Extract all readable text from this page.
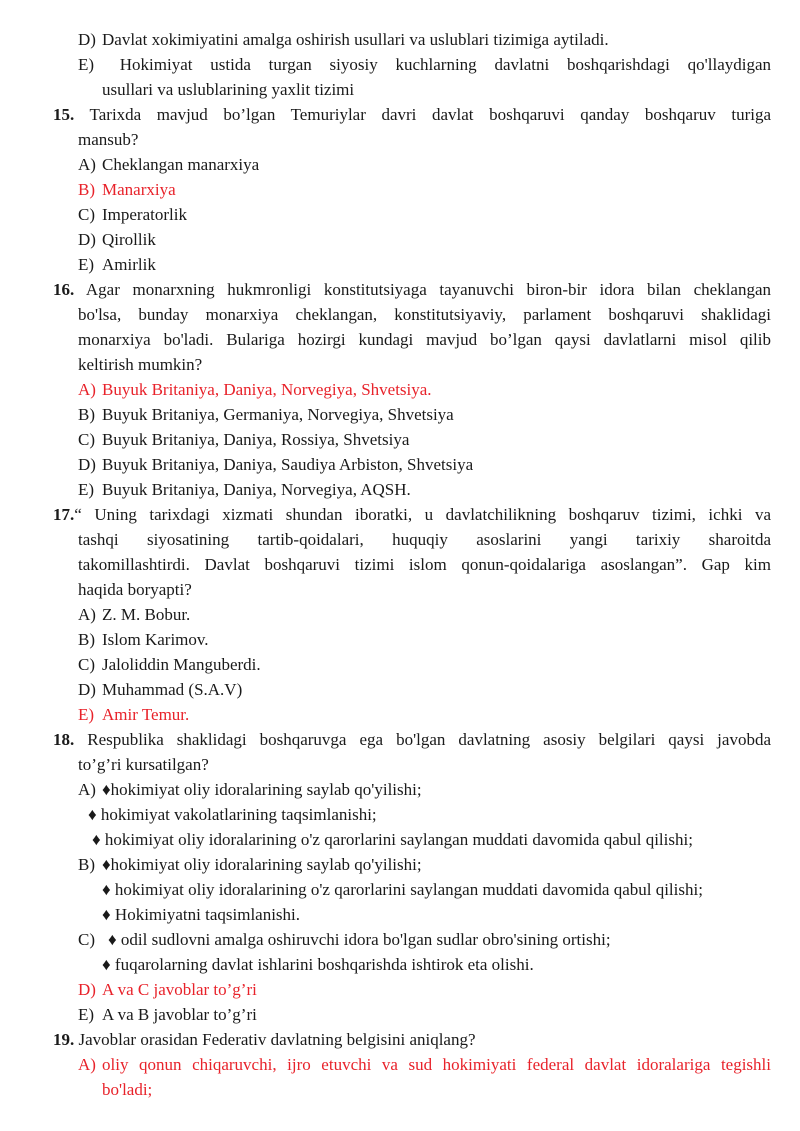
D) Davlat xokimiyatini amalga oshirish usullari va uslublari tizimiga aytiladi.
E) Hokimiyat ustida turgan siyosiy kuchlarning davlatni boshqarishdagi qo'llaydigan
usullari va uslublarining yaxlit tizimi
15. Tarixda mavjud bo’lgan Temuriylar davri davlat boshqaruvi qanday boshqaruv turiga
mansub?
A) Cheklangan manarxiya
B) Manarxiya
C) Imperatorlik
D) Qirollik
E) Amirlik
16. Agar monarxning hukmronligi konstitutsiyaga tayanuvchi biron-bir idora bilan cheklangan
bo'lsa, bunday monarxiya cheklangan, konstitutsiyaviy, parlament boshqaruvi shaklidagi
monarxiya bo'ladi. Bulariga hozirgi kundagi mavjud bo’lgan qaysi davlatlarni misol qilib
keltirish mumkin?
A) Buyuk Britaniya, Daniya, Norvegiya, Shvetsiya.
B) Buyuk Britaniya, Germaniya, Norvegiya, Shvetsiya
C) Buyuk Britaniya, Daniya, Rossiya, Shvetsiya
D) Buyuk Britaniya, Daniya, Saudiya Arbiston, Shvetsiya
E) Buyuk Britaniya, Daniya, Norvegiya, AQSH.
17.“ Uning tarixdagi xizmati shundan iboratki, u davlatchilikning boshqaruv tizimi, ichki va
tashqi siyosatining tartib-qoidalari, huquqiy asoslarini yangi tarixiy sharoitda
takomillashtirdi. Davlat boshqaruvi tizimi islom qonun-qoidalariga asoslangan”. Gap kim
haqida boryapti?
A) Z. M. Bobur.
B) Islom Karimov.
C) Jaloliddin Manguberdi.
D) Muhammad (S.A.V)
E) Amir Temur.
18. Respublika shaklidagi boshqaruvga ega bo'lgan davlatning asosiy belgilari qaysi javobda
to’g’ri kursatilgan?
A) ♦hokimiyat oliy idoralarining saylab qo'yilishi;
♦ hokimiyat vakolatlarining taqsimlanishi;
♦ hokimiyat oliy idoralarining o'z qarorlarini saylangan muddati davomida qabul qilishi;
B) ♦hokimiyat oliy idoralarining saylab qo'yilishi;
♦ hokimiyat oliy idoralarining o'z qarorlarini saylangan muddati davomida qabul qilishi;
♦ Hokimiyatni taqsimlanishi.
C) ♦ odil sudlovni amalga oshiruvchi idora bo'lgan sudlar obro'sining ortishi;
♦ fuqarolarning davlat ishlarini boshqarishda ishtirok eta olishi.
D) A va C javoblar to’g’ri
E) A va B javoblar to’g’ri
19. Javoblar orasidan Federativ davlatning belgisini aniqlang?
A) oliy qonun chiqaruvchi, ijro etuvchi va sud hokimiyati federal davlat idoralariga tegishli
bo'ladi;
